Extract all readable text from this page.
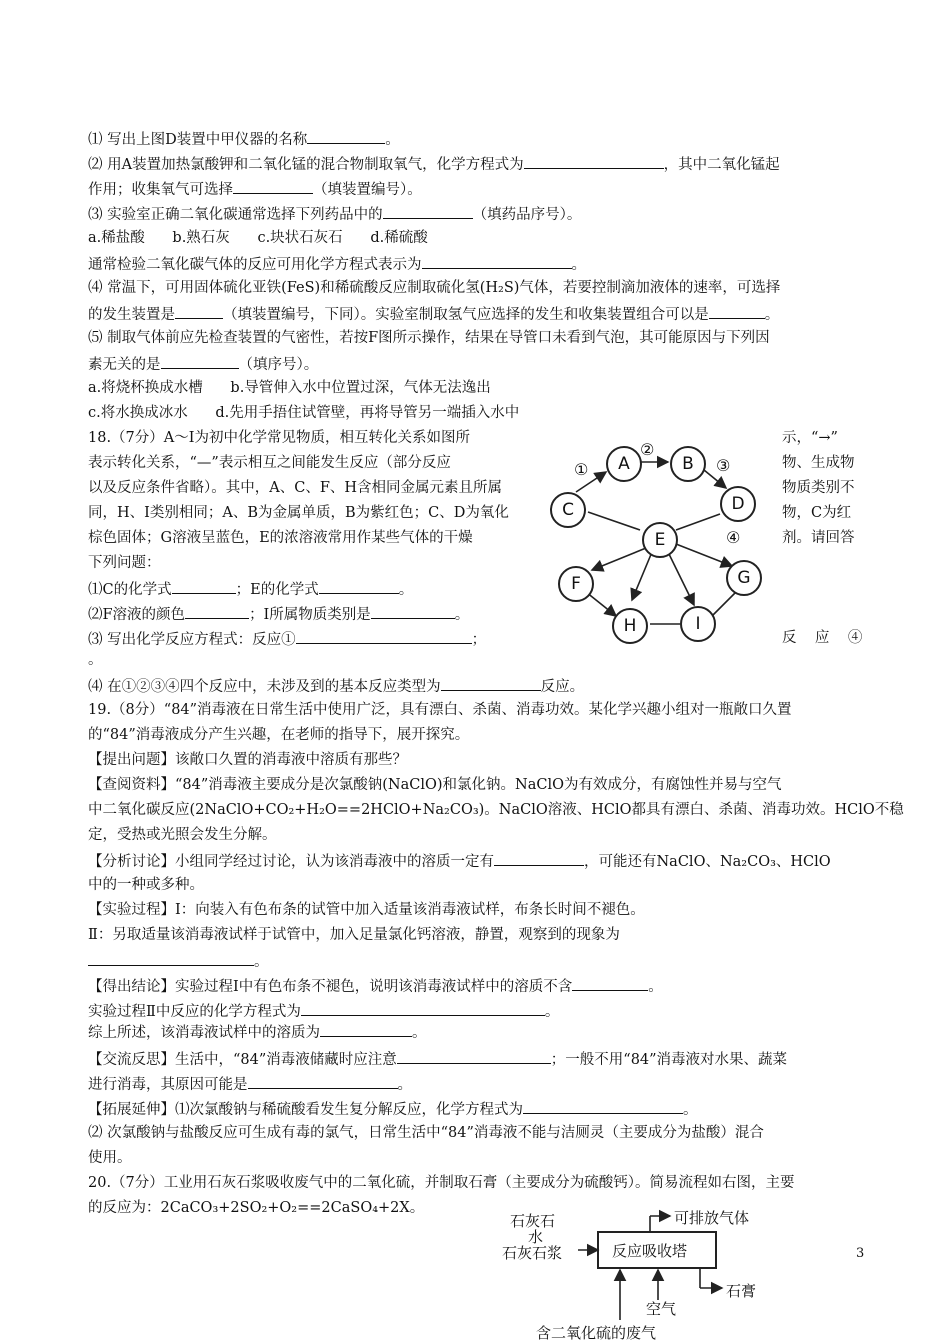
⑴ 写出上图D装置中甲仪器的名称	。
⑵ 用A装置加热氯酸钾和二氧化锰的混合物制取氧气，化学方程式为	，其中二氧化锰起
作用；收集氧气可选择	（填装置编号）。
⑶ 实验室正确二氧化碳通常选择下列药品中的	（填药品序号）。
a.稀盐酸      b.熟石灰      c.块状石灰石      d.稀硫酸
通常检验二氧化碳气体的反应可用化学方程式表示为	。
⑷ 常温下，可用固体硫化亚铁(FeS)和稀硫酸反应制取硫化氢(H₂S)气体，若要控制滴加液体的速率，可选择
的发生装置是	（填装置编号，下同）。实验室制取氢气应选择的发生和收集装置组合可以是	。
⑸ 制取气体前应先检查装置的气密性，若按F图所示操作，结果在导管口未看到气泡，其可能原因与下列因
素无关的是	（填序号）。
a.将烧杯换成水槽      b.导管伸入水中位置过深，气体无法逸出
c.将水换成冰水      d.先用手捂住试管壁，再将导管另一端插入水中
18.（7分）A～I为初中化学常见物质，相互转化关系如图所
表示转化关系，“—”表示相互之间能发生反应（部分反应
以及反应条件省略）。其中，A、C、F、H含相同金属元素且所属
同，H、I类别相同；A、B为金属单质，B为紫红色；C、D为氧化
棕色固体；G溶液呈蓝色，E的浓溶液常用作某些气体的干燥
下列问题：
示，“→”
物、生成物
物质类别不
物，C为红
剂。请回答
A	B
C	D
E
F	G
H	I
①
②
③
④
⑴C的化学式	；E的化学式	。
⑵F溶液的颜色	；I所属物质类别是	。
⑶ 写出化学反应方程式：反应①	；	反    应    ④
。
⑷ 在①②③④四个反应中，未涉及到的基本反应类型为	反应。
19.（8分）“84”消毒液在日常生活中使用广泛，具有漂白、杀菌、消毒功效。某化学兴趣小组对一瓶敞口久置
的“84”消毒液成分产生兴趣，在老师的指导下，展开探究。
【提出问题】该敞口久置的消毒液中溶质有那些？
【查阅资料】“84”消毒液主要成分是次氯酸钠(NaClO)和氯化钠。NaClO为有效成分，有腐蚀性并易与空气
中二氧化碳反应(2NaClO+CO₂+H₂O==2HClO+Na₂CO₃)。NaClO溶液、HClO都具有漂白、杀菌、消毒功效。HClO不稳
定，受热或光照会发生分解。
【分析讨论】小组同学经过讨论，认为该消毒液中的溶质一定有	，可能还有NaClO、Na₂CO₃、HClO
中的一种或多种。
【实验过程】Ⅰ：向装入有色布条的试管中加入适量该消毒液试样，布条长时间不褪色。
Ⅱ：另取适量该消毒液试样于试管中，加入足量氯化钙溶液，静置，观察到的现象为
。
【得出结论】实验过程Ⅰ中有色布条不褪色，说明该消毒液试样中的溶质不含	。
实验过程Ⅱ中反应的化学方程式为	。
综上所述，该消毒液试样中的溶质为	。
【交流反思】生活中，“84”消毒液储藏时应注意	；一般不用“84”消毒液对水果、蔬菜
进行消毒，其原因可能是	。
【拓展延伸】⑴次氯酸钠与稀硫酸看发生复分解反应，化学方程式为	。
⑵ 次氯酸钠与盐酸反应可生成有毒的氯气，日常生活中“84”消毒液不能与洁厕灵（主要成分为盐酸）混合
使用。
20.（7分）工业用石灰石浆吸收废气中的二氧化硫，并制取石膏（主要成分为硫酸钙）。简易流程如右图，主要
的反应为：2CaCO₃+2SO₂+O₂==2CaSO₄+2X。
石灰石
水
石灰石浆	反应吸收塔
可排放气体
石膏
空气
含二氧化硫的废气
3
